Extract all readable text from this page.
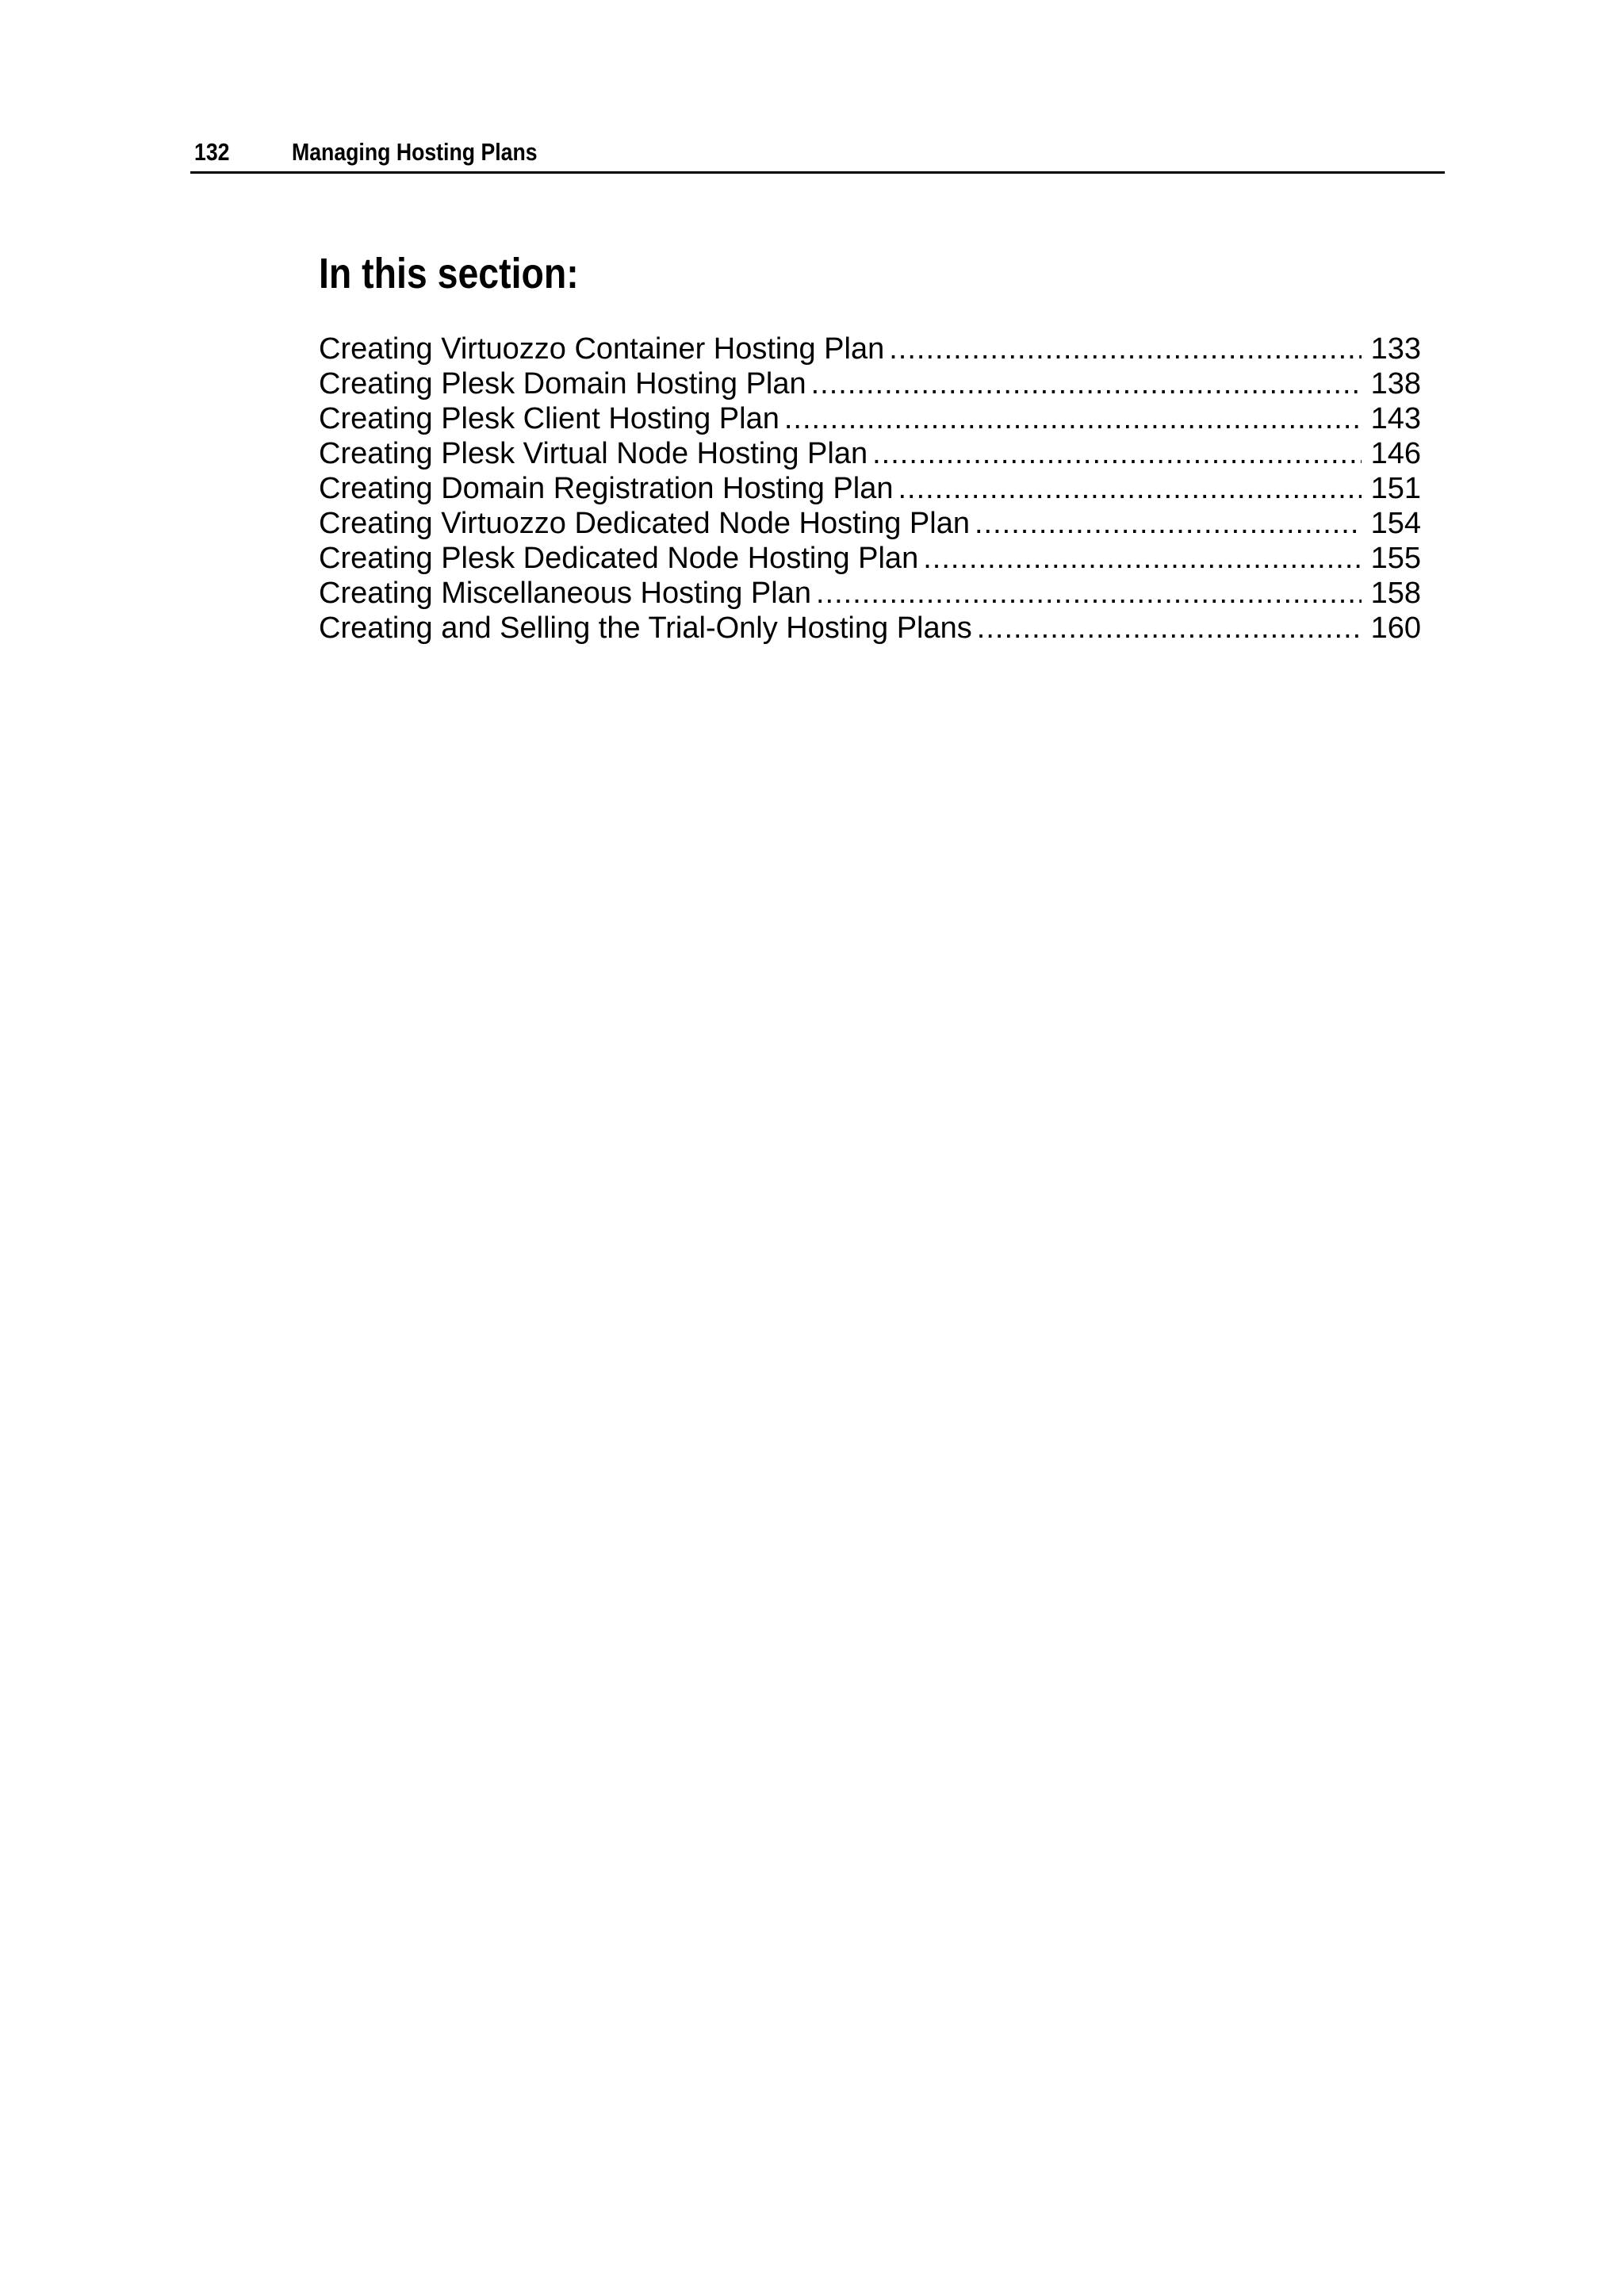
132	Managing Hosting Plans
In this section:
Creating Virtuozzo Container Hosting Plan .....	133
Creating Plesk Domain Hosting Plan .....	138
Creating Plesk Client Hosting Plan .....	143
Creating Plesk Virtual Node Hosting Plan .....	146
Creating Domain Registration Hosting Plan .....	151
Creating Virtuozzo Dedicated Node Hosting Plan .....	154
Creating Plesk Dedicated Node Hosting Plan .....	155
Creating Miscellaneous Hosting Plan .....	158
Creating and Selling the Trial-Only Hosting Plans .....	160
